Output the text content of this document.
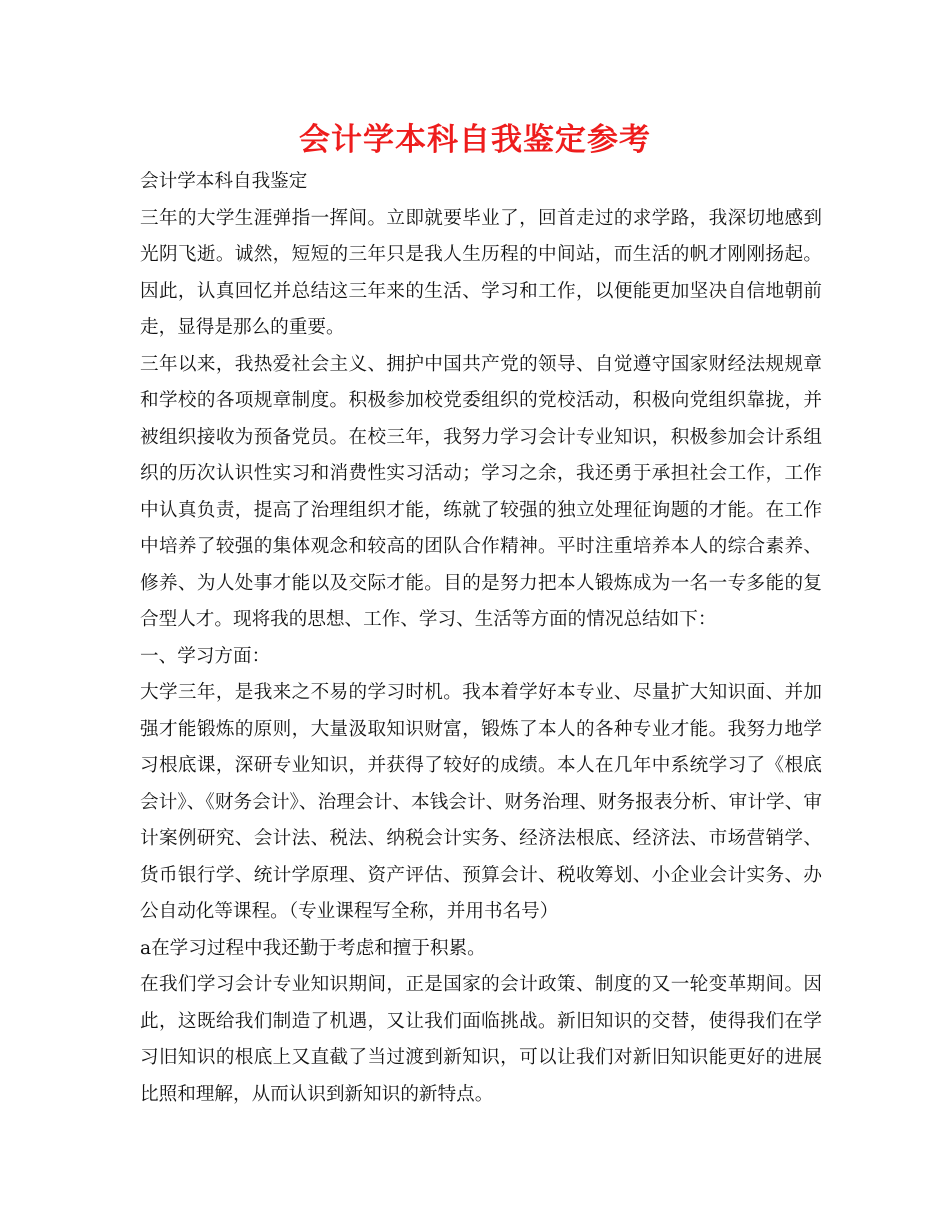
会计学本科自我鉴定参考

会计学本科自我鉴定

三年的大学生涯弹指一挥间。立即就要毕业了，回首走过的求学路，我深切地感到光阴飞逝。诚然，短短的三年只是我人生历程的中间站，而生活的帆才刚刚扬起。因此，认真回忆并总结这三年来的生活、学习和工作，以便能更加坚决自信地朝前走，显得是那么的重要。

三年以来，我热爱社会主义、拥护中国共产党的领导、自觉遵守国家财经法规规章和学校的各项规章制度。积极参加校党委组织的党校活动，积极向党组织靠拢，并被组织接收为预备党员。在校三年，我努力学习会计专业知识，积极参加会计系组织的历次认识性实习和消费性实习活动；学习之余，我还勇于承担社会工作，工作中认真负责，提高了治理组织才能，练就了较强的独立处理征询题的才能。在工作中培养了较强的集体观念和较高的团队合作精神。平时注重培养本人的综合素养、修养、为人处事才能以及交际才能。目的是努力把本人锻炼成为一名一专多能的复合型人才。现将我的思想、工作、学习、生活等方面的情况总结如下：

一、学习方面：

大学三年，是我来之不易的学习时机。我本着学好本专业、尽量扩大知识面、并加强才能锻炼的原则，大量汲取知识财富，锻炼了本人的各种专业才能。我努力地学习根底课，深研专业知识，并获得了较好的成绩。本人在几年中系统学习了《根底会计》、《财务会计》、治理会计、本钱会计、财务治理、财务报表分析、审计学、审计案例研究、会计法、税法、纳税会计实务、经济法根底、经济法、市场营销学、货币银行学、统计学原理、资产评估、预算会计、税收筹划、小企业会计实务、办公自动化等课程。（专业课程写全称，并用书名号）

a在学习过程中我还勤于考虑和擅于积累。

在我们学习会计专业知识期间，正是国家的会计政策、制度的又一轮变革期间。因此，这既给我们制造了机遇，又让我们面临挑战。新旧知识的交替，使得我们在学习旧知识的根底上又直截了当过渡到新知识，可以让我们对新旧知识能更好的进展比照和理解，从而认识到新知识的新特点。
